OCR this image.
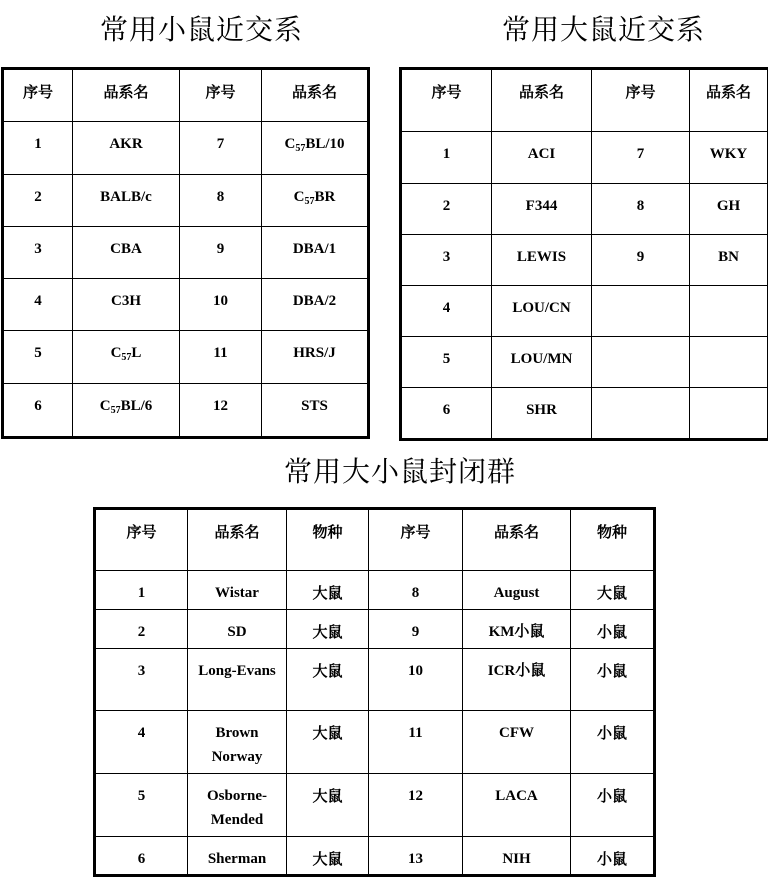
常用小鼠近交系	常用大鼠近交系
常用大小鼠封闭群
序号	品系名	序号	品系名
1	AKR	7	$C_{57}BL/10$
2	BALB/c	8	$C_{57}BR$
3	CBA	9	DBA/1
4	C3H	10	DBA/2
5	$C_{57}L$	11	HRS/J
6	$C_{57}BL/6$	12	STS
序号	品系名	序号	品系名
1	ACI	7	WKY
2	F344	8	GH
3	LEWIS	9	BN
4	LOU/CN		
5	LOU/MN		
6	SHR		
序号	品系名	物种	序号	品系名	物种
1	Wistar	大鼠	8	August	大鼠
2	SD	大鼠	9	KM小鼠	小鼠
3	Long-Evans	大鼠	10	ICR小鼠	小鼠
4	Brown Norway	大鼠	11	CFW	小鼠
5	Osborne-Mended	大鼠	12	LACA	小鼠
6	Sherman	大鼠	13	NIH	小鼠
